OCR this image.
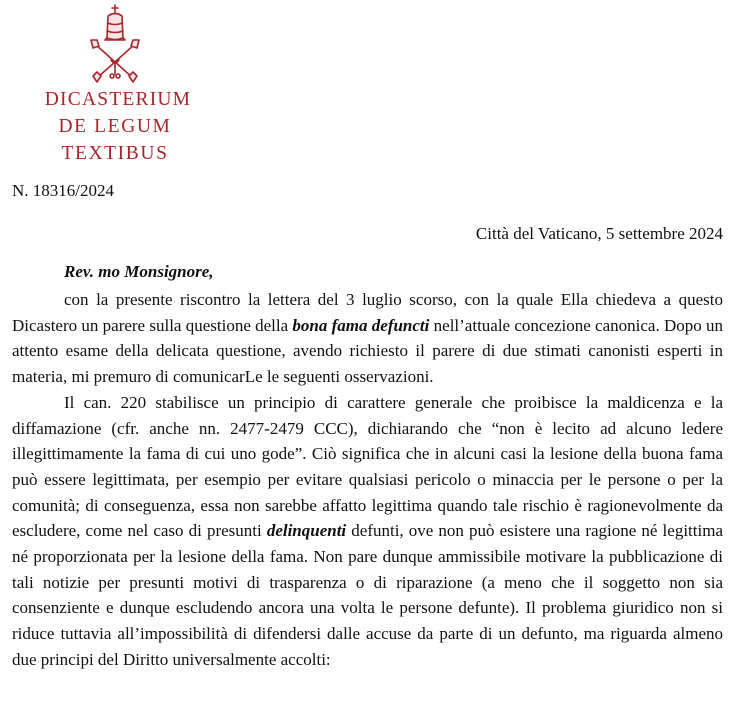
DICASTERIUM
DE LEGUM TEXTIBUS
N. 18316/2024
Città del Vaticano, 5 settembre 2024
Rev. mo Monsignore,

con la presente riscontro la lettera del 3 luglio scorso, con la quale Ella chiedeva a questo Dicastero un parere sulla questione della bona fama defuncti nell’attuale concezione canonica. Dopo un attento esame della delicata questione, avendo richiesto il parere di due stimati canonisti esperti in materia, mi premuro di comunicarLe le seguenti osservazioni.

Il can. 220 stabilisce un principio di carattere generale che proibisce la maldicenza e la diffamazione (cfr. anche nn. 2477-2479 CCC), dichiarando che “non è lecito ad alcuno ledere illegittimamente la fama di cui uno gode”. Ciò significa che in alcuni casi la lesione della buona fama può essere legittimata, per esempio per evitare qualsiasi pericolo o minaccia per le persone o per la comunità; di conseguenza, essa non sarebbe affatto legittima quando tale rischio è ragionevolmente da escludere, come nel caso di presunti delinquenti defunti, ove non può esistere una ragione né legittima né proporzionata per la lesione della fama. Non pare dunque ammissibile motivare la pubblicazione di tali notizie per presunti motivi di trasparenza o di riparazione (a meno che il soggetto non sia consenziente e dunque escludendo ancora una volta le persone defunte). Il problema giuridico non si riduce tuttavia all’impossibilità di difendersi dalle accuse da parte di un defunto, ma riguarda almeno due principi del Diritto universalmente accolti:
